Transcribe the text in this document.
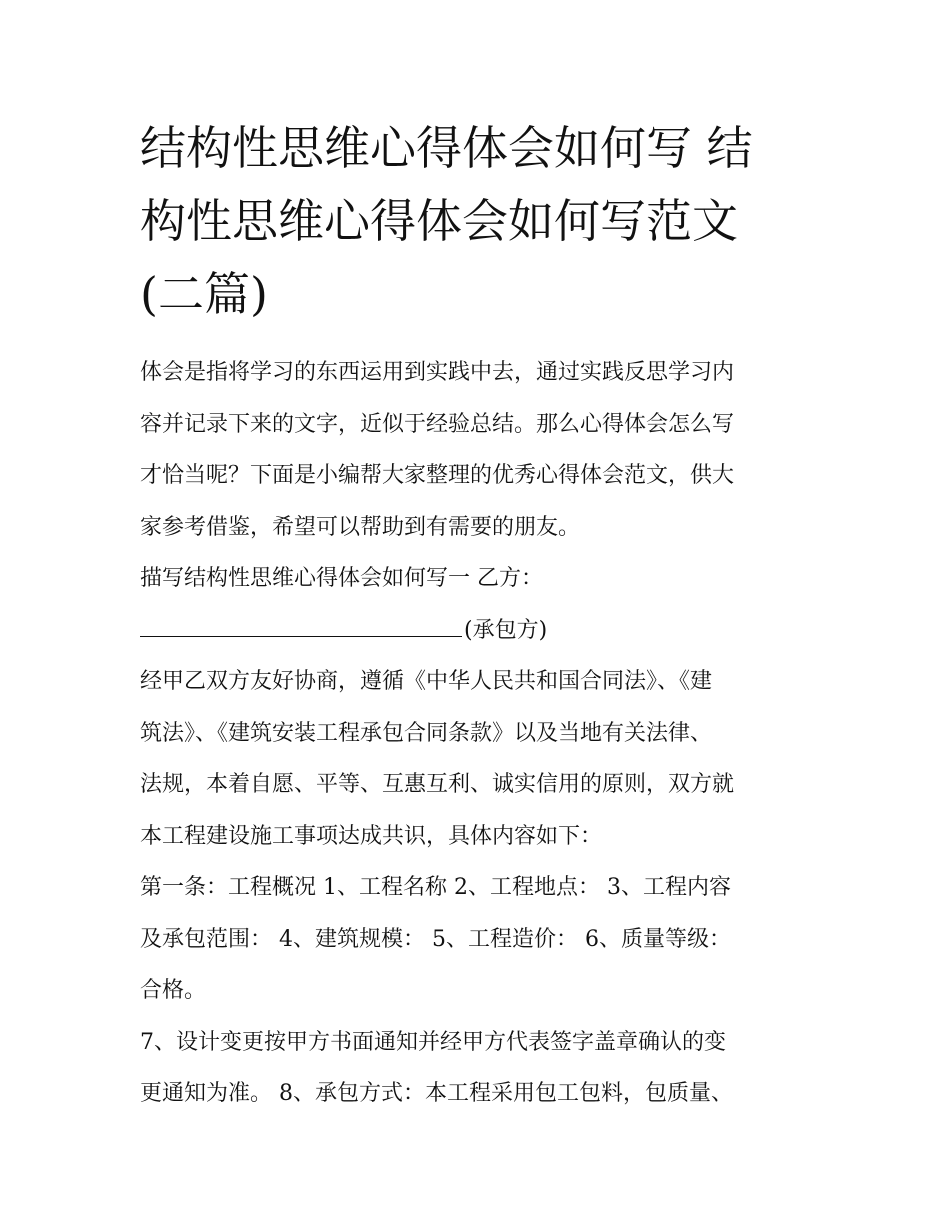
结构性思维心得体会如何写 结
构性思维心得体会如何写范文
(二篇)

体会是指将学习的东西运用到实践中去，通过实践反思学习内
容并记录下来的文字，近似于经验总结。那么心得体会怎么写
才恰当呢？下面是小编帮大家整理的优秀心得体会范文，供大
家参考借鉴，希望可以帮助到有需要的朋友。

描写结构性思维心得体会如何写一 乙方：
(承包方)

经甲乙双方友好协商，遵循《中华人民共和国合同法》、《建
筑法》、《建筑安装工程承包合同条款》以及当地有关法律、
法规，本着自愿、平等、互惠互利、诚实信用的原则，双方就
本工程建设施工事项达成共识，具体内容如下：

第一条：工程概况 1、工程名称 2、工程地点： 3、工程内容
及承包范围： 4、建筑规模： 5、工程造价： 6、质量等级：
合格。

7、设计变更按甲方书面通知并经甲方代表签字盖章确认的变
更通知为准。 8、承包方式：本工程采用包工包料，包质量、
